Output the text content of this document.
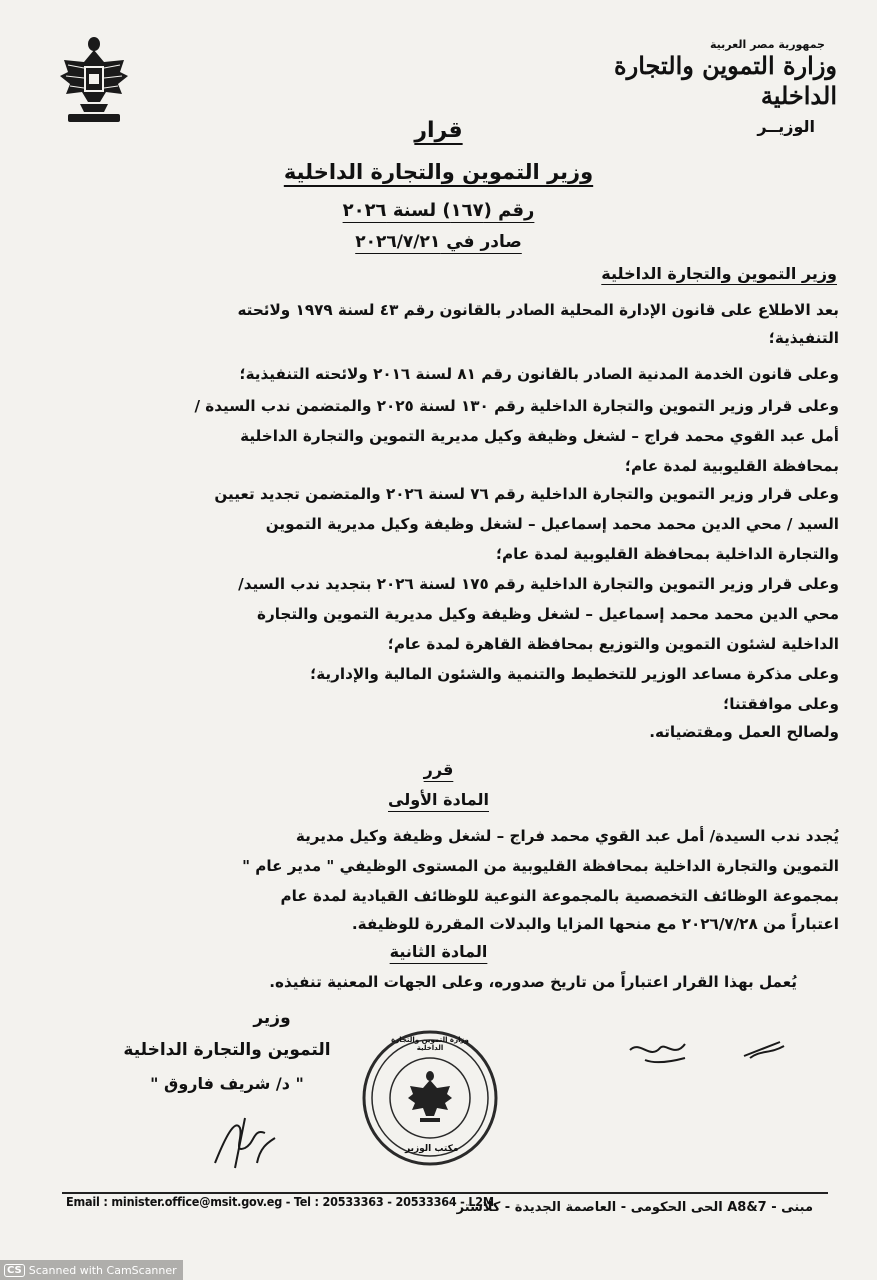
جمهورية مصر العربية
وزارة التموين والتجارة الداخلية
الوزيــر
قرار
وزير التموين والتجارة الداخلية
رقم (١٦٧) لسنة ٢٠٢٦
صادر في ٢٠٢٦/٧/٢١
وزير التموين والتجارة الداخلية
بعد الاطلاع على قانون الإدارة المحلية الصادر بالقانون رقم ٤٣ لسنة ١٩٧٩ ولائحته
التنفيذية؛
وعلى قانون الخدمة المدنية الصادر بالقانون رقم ٨١ لسنة ٢٠١٦ ولائحته التنفيذية؛
وعلى قرار وزير التموين والتجارة الداخلية رقم ١٣٠ لسنة ٢٠٢٥ والمتضمن ندب السيدة /
أمل عبد القوي محمد فراج – لشغل وظيفة وكيل مديرية التموين والتجارة الداخلية
بمحافظة القليوبية لمدة عام؛
وعلى قرار وزير التموين والتجارة الداخلية رقم ٧٦ لسنة ٢٠٢٦ والمتضمن تجديد تعيين
السيد / محي الدين محمد محمد إسماعيل – لشغل وظيفة وكيل مديرية التموين
والتجارة الداخلية بمحافظة القليوبية لمدة عام؛
وعلى قرار وزير التموين والتجارة الداخلية رقم ١٧٥ لسنة ٢٠٢٦ بتجديد ندب السيد/
محي الدين محمد محمد إسماعيل – لشغل وظيفة وكيل مديرية التموين والتجارة
الداخلية لشئون التموين والتوزيع بمحافظة القاهرة لمدة عام؛
وعلى مذكرة مساعد الوزير للتخطيط والتنمية والشئون المالية والإدارية؛
وعلى موافقتنا؛
ولصالح العمل ومقتضياته.
قرر
المادة الأولى
يُجدد ندب السيدة/ أمل عبد القوي محمد فراج – لشغل وظيفة وكيل مديرية
التموين والتجارة الداخلية بمحافظة القليوبية من المستوى الوظيفي " مدير عام "
بمجموعة الوظائف التخصصية بالمجموعة النوعية للوظائف القيادية لمدة عام
اعتباراً من ٢٠٢٦/٧/٢٨ مع منحها المزايا والبدلات المقررة للوظيفة.
المادة الثانية
يُعمل بهذا القرار اعتباراً من تاريخ صدوره، وعلى الجهات المعنية تنفيذه.
وزير
التموين والتجارة الداخلية
" د/ شريف فاروق "
مكتب الوزير
وزارة التموين والتجارة الداخلية
Email : minister.office@msit.gov.eg - Tel : 20533363 - 20533364 - L2M
مبنى - A8&7 الحى الحكومى - العاصمة الجديدة - كلاستر
CS Scanned with CamScanner
